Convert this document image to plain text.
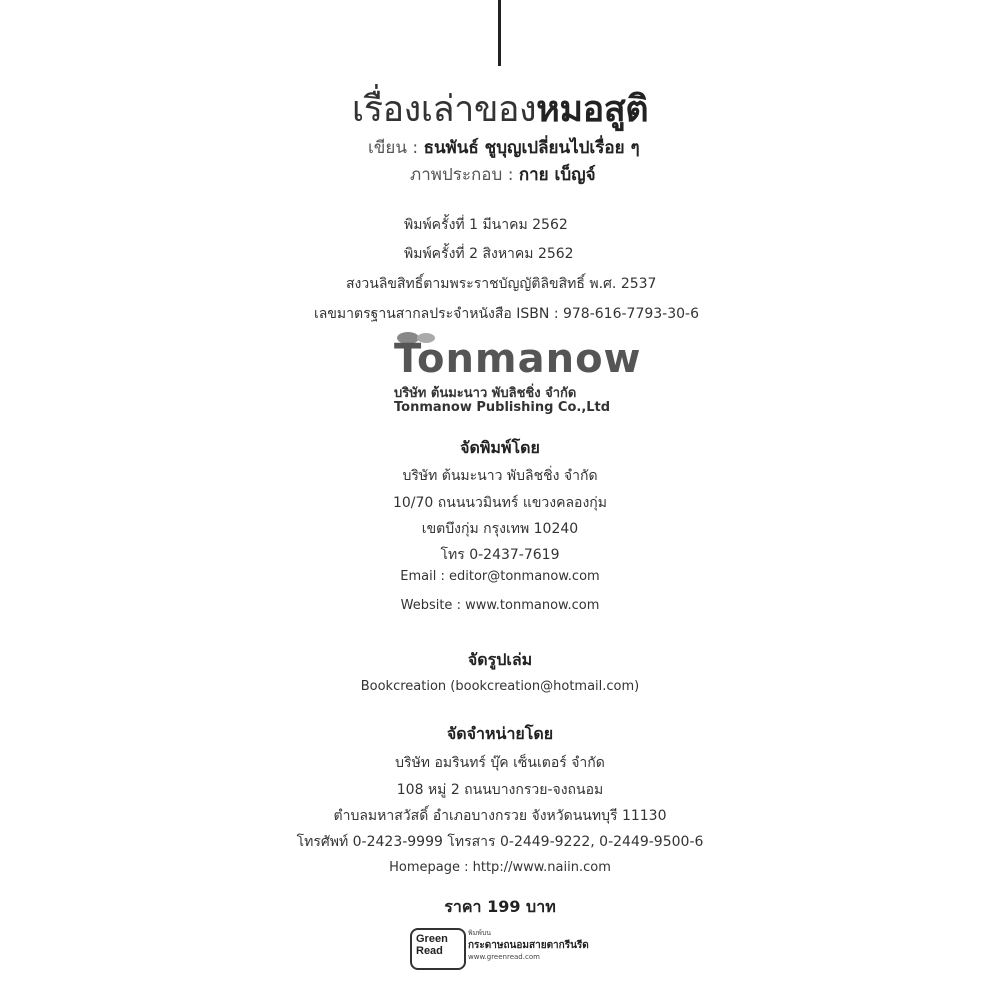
เรื่องเล่าของหมอสูติ
เขียน : ธนพันธ์ ชูบุญเปลี่ยนไปเรื่อย ๆ
ภาพประกอบ : กาย เบ็ญจ์
พิมพ์ครั้งที่ 1 มีนาคม 2562
พิมพ์ครั้งที่ 2 สิงหาคม 2562
สงวนลิขสิทธิ์ตามพระราชบัญญัติลิขสิทธิ์ พ.ศ. 2537
เลขมาตรฐานสากลประจำหนังสือ ISBN : 978-616-7793-30-6
Tonmanow
บริษัท ต้นมะนาว พับลิชชิ่ง จำกัด
Tonmanow Publishing Co.,Ltd
จัดพิมพ์โดย
บริษัท ต้นมะนาว พับลิชชิ่ง จำกัด
10/70 ถนนนวมินทร์ แขวงคลองกุ่ม
เขตบึงกุ่ม กรุงเทพ 10240
โทร 0-2437-7619
Email : editor@tonmanow.com
Website : www.tonmanow.com
จัดรูปเล่ม
Bookcreation (bookcreation@hotmail.com)
จัดจำหน่ายโดย
บริษัท อมรินทร์ บุ๊ค เซ็นเตอร์ จำกัด
108 หมู่ 2 ถนนบางกรวย-จงถนอม
ตำบลมหาสวัสดิ์ อำเภอบางกรวย จังหวัดนนทบุรี 11130
โทรศัพท์ 0-2423-9999 โทรสาร 0-2449-9222, 0-2449-9500-6
Homepage : http://www.naiin.com
ราคา 199 บาท
Green Read
พิมพ์บน
กระดาษถนอมสายตากรีนรีด
www.greenread.com
